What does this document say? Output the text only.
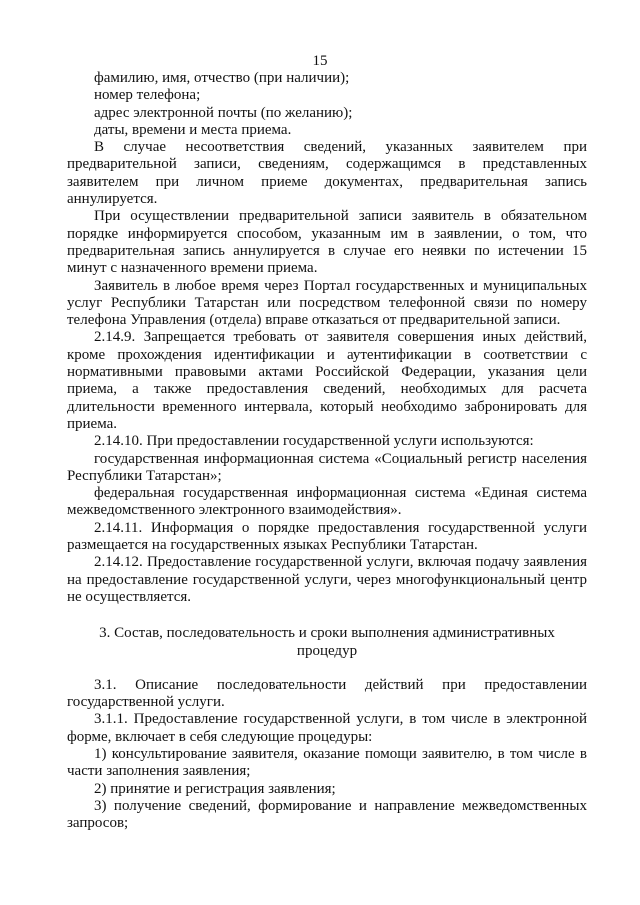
15

фамилию, имя, отчество (при наличии);

номер телефона;

адрес электронной почты (по желанию);

даты, времени и места приема.

В случае несоответствия сведений, указанных заявителем при предварительной записи, сведениям, содержащимся в представленных заявителем при личном приеме документах, предварительная запись аннулируется.

При осуществлении предварительной записи заявитель в обязательном порядке информируется способом, указанным им в заявлении, о том, что предварительная запись аннулируется в случае его неявки по истечении 15 минут с назначенного времени приема.

Заявитель в любое время через Портал государственных и муниципальных услуг Республики Татарстан или посредством телефонной связи по номеру телефона Управления (отдела) вправе отказаться от предварительной записи.

2.14.9. Запрещается требовать от заявителя совершения иных действий, кроме прохождения идентификации и аутентификации в соответствии с нормативными правовыми актами Российской Федерации, указания цели приема, а также предоставления сведений, необходимых для расчета длительности временного интервала, который необходимо забронировать для приема.

2.14.10. При предоставлении государственной услуги используются:

государственная информационная система «Социальный регистр населения Республики Татарстан»;

федеральная государственная информационная система «Единая система межведомственного электронного взаимодействия».

2.14.11. Информация о порядке предоставления государственной услуги размещается на государственных языках Республики Татарстан.

2.14.12. Предоставление государственной услуги, включая подачу заявления на предоставление государственной услуги, через многофункциональный центр не осуществляется.

3. Состав, последовательность и сроки выполнения административных процедур

3.1. Описание последовательности действий при предоставлении государственной услуги.

3.1.1. Предоставление государственной услуги, в том числе в электронной форме, включает в себя следующие процедуры:

1) консультирование заявителя, оказание помощи заявителю, в том числе в части заполнения заявления;

2) принятие и регистрация заявления;

3) получение сведений, формирование и направление межведомственных запросов;
